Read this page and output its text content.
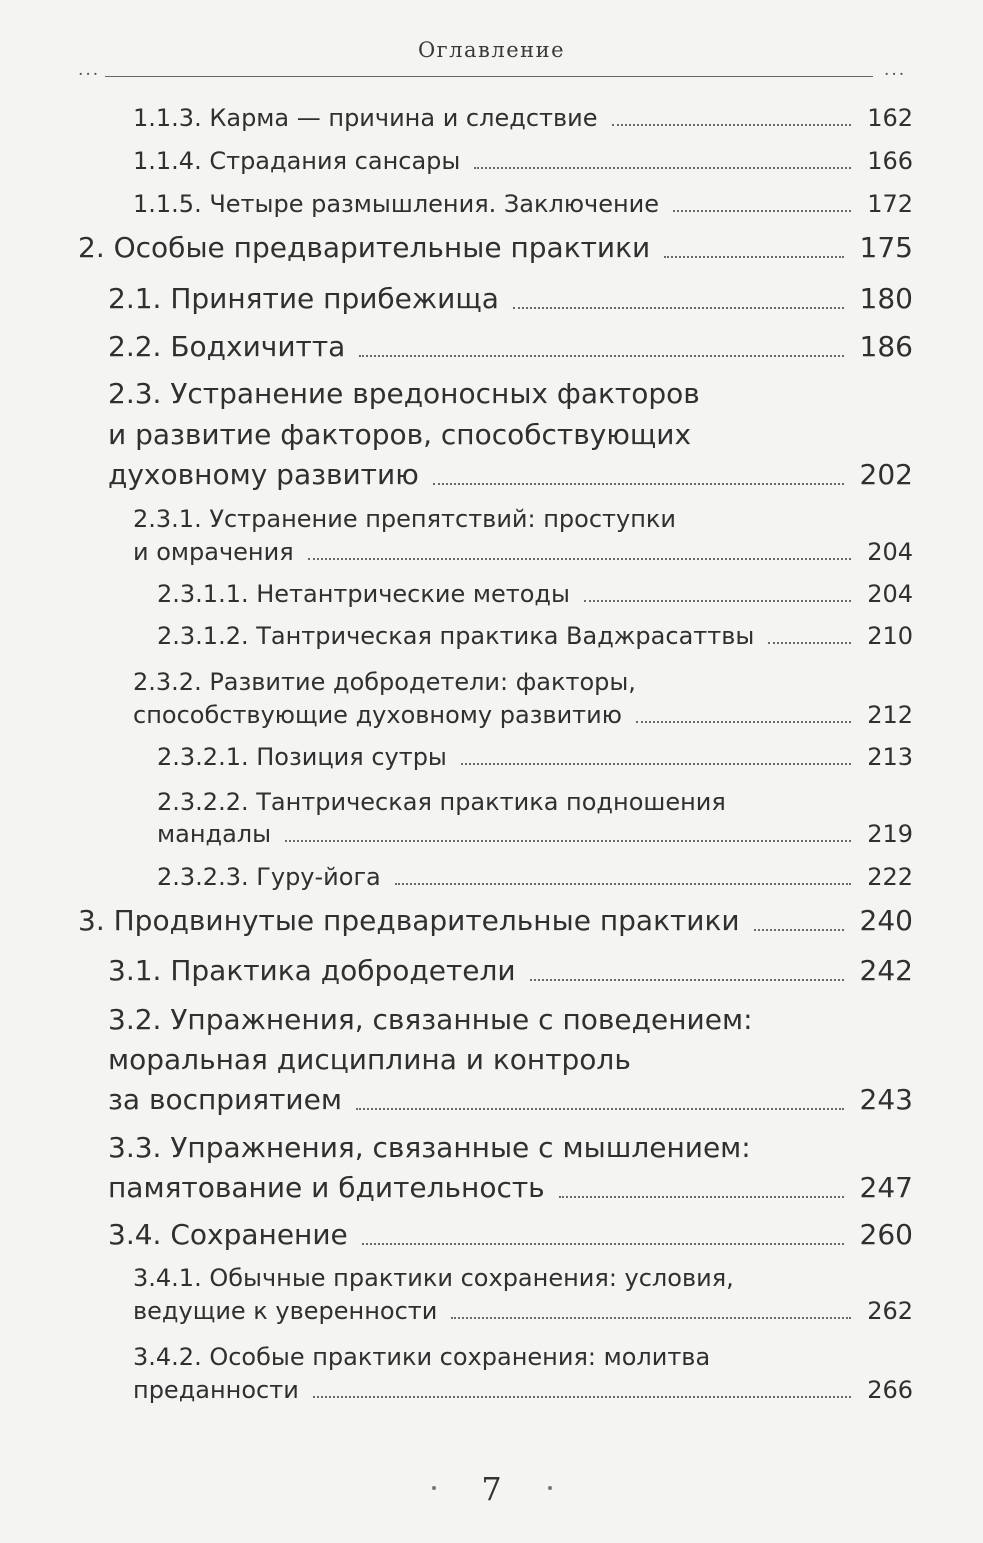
Оглавление
...	...
1.1.3. Карма — причина и следствие	162
1.1.4. Страдания сансары	166
1.1.5. Четыре размышления. Заключение	172
2. Особые предварительные практики	175
2.1. Принятие прибежища	180
2.2. Бодхичитта	186
2.3. Устранение вредоносных факторов
и развитие факторов, способствующих
духовному развитию	202
2.3.1. Устранение препятствий: проступки
и омрачения	204
2.3.1.1. Нетантрические методы	204
2.3.1.2. Тантрическая практика Ваджрасаттвы	210
2.3.2. Развитие добродетели: факторы,
способствующие духовному развитию	212
2.3.2.1. Позиция сутры	213
2.3.2.2. Тантрическая практика подношения
мандалы	219
2.3.2.3. Гуру-йога	222
3. Продвинутые предварительные практики	240
3.1. Практика добродетели	242
3.2. Упражнения, связанные с поведением:
моральная дисциплина и контроль
за восприятием	243
3.3. Упражнения, связанные с мышлением:
памятование и бдительность	247
3.4. Сохранение	260
3.4.1. Обычные практики сохранения: условия,
ведущие к уверенности	262
3.4.2. Особые практики сохранения: молитва
преданности	266
7
